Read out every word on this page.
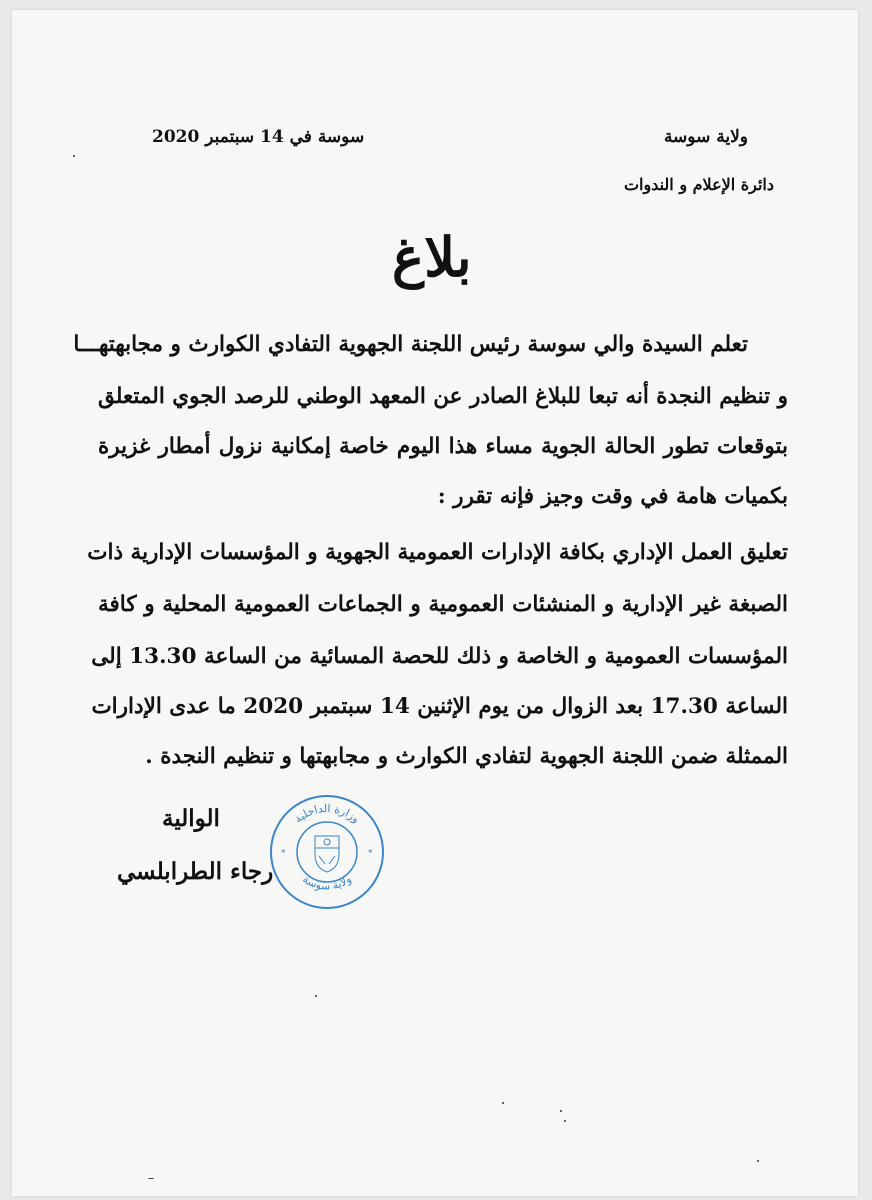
ولاية سوسة
دائرة الإعلام و الندوات
سوسة في 14 سبتمبر 2020
بلاغ
تعلم السيدة والي سوسة رئيس اللجنة الجهوية التفادي الكوارث و مجابهتهـــا
و تنظيم النجدة أنه تبعا للبلاغ الصادر عن المعهد الوطني للرصد الجوي المتعلق
بتوقعات تطور الحالة الجوية مساء هذا اليوم خاصة إمكانية نزول أمطار غزيرة
بكميات هامة في وقت وجيز فإنه تقرر :
تعليق العمل الإداري بكافة الإدارات العمومية الجهوية و المؤسسات الإدارية ذات
الصبغة غير الإدارية و المنشئات العمومية و الجماعات العمومية المحلية و كافة
المؤسسات العمومية و الخاصة و ذلك للحصة المسائية من الساعة 13.30 إلى
الساعة 17.30 بعد الزوال من يوم الإثنين 14 سبتمبر 2020 ما عدى الإدارات
الممثلة ضمن اللجنة الجهوية لتفادي الكوارث و مجابهتها و تنظيم النجدة .
الوالية
رجاء الطرابلسي
وزارة الداخلية
ولاية سوسة
*	*
